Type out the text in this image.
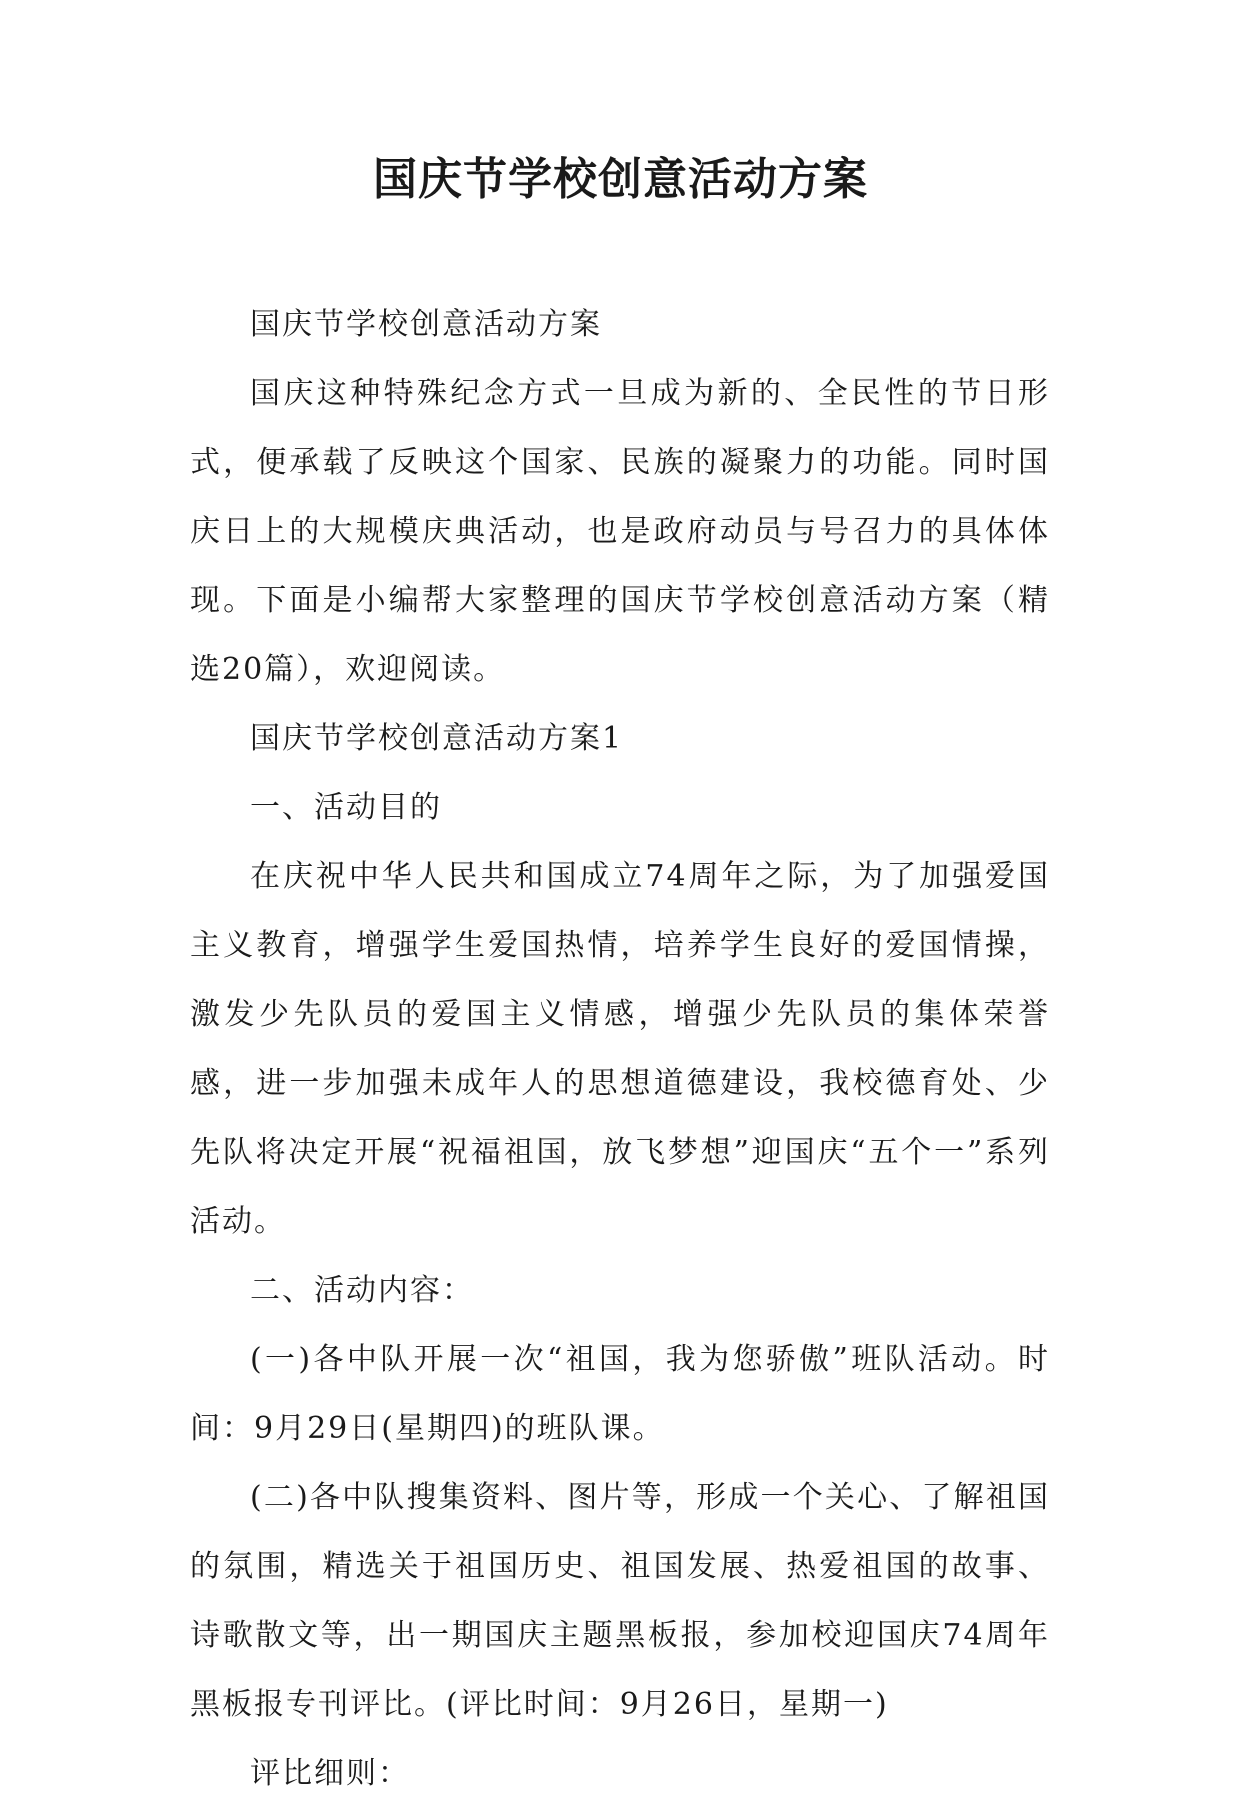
国庆节学校创意活动方案

国庆节学校创意活动方案

国庆这种特殊纪念方式一旦成为新的、全民性的节日形式，便承载了反映这个国家、民族的凝聚力的功能。同时国庆日上的大规模庆典活动，也是政府动员与号召力的具体体现。下面是小编帮大家整理的国庆节学校创意活动方案（精选20篇），欢迎阅读。

国庆节学校创意活动方案1

一、活动目的

在庆祝中华人民共和国成立74周年之际，为了加强爱国主义教育，增强学生爱国热情，培养学生良好的爱国情操，激发少先队员的爱国主义情感，增强少先队员的集体荣誉感，进一步加强未成年人的思想道德建设，我校德育处、少先队将决定开展“祝福祖国，放飞梦想”迎国庆“五个一”系列活动。

二、活动内容：

(一)各中队开展一次“祖国，我为您骄傲”班队活动。时间：9月29日(星期四)的班队课。

(二)各中队搜集资料、图片等，形成一个关心、了解祖国的氛围，精选关于祖国历史、祖国发展、热爱祖国的故事、诗歌散文等，出一期国庆主题黑板报，参加校迎国庆74周年黑板报专刊评比。(评比时间：9月26日，星期一)

评比细则：
